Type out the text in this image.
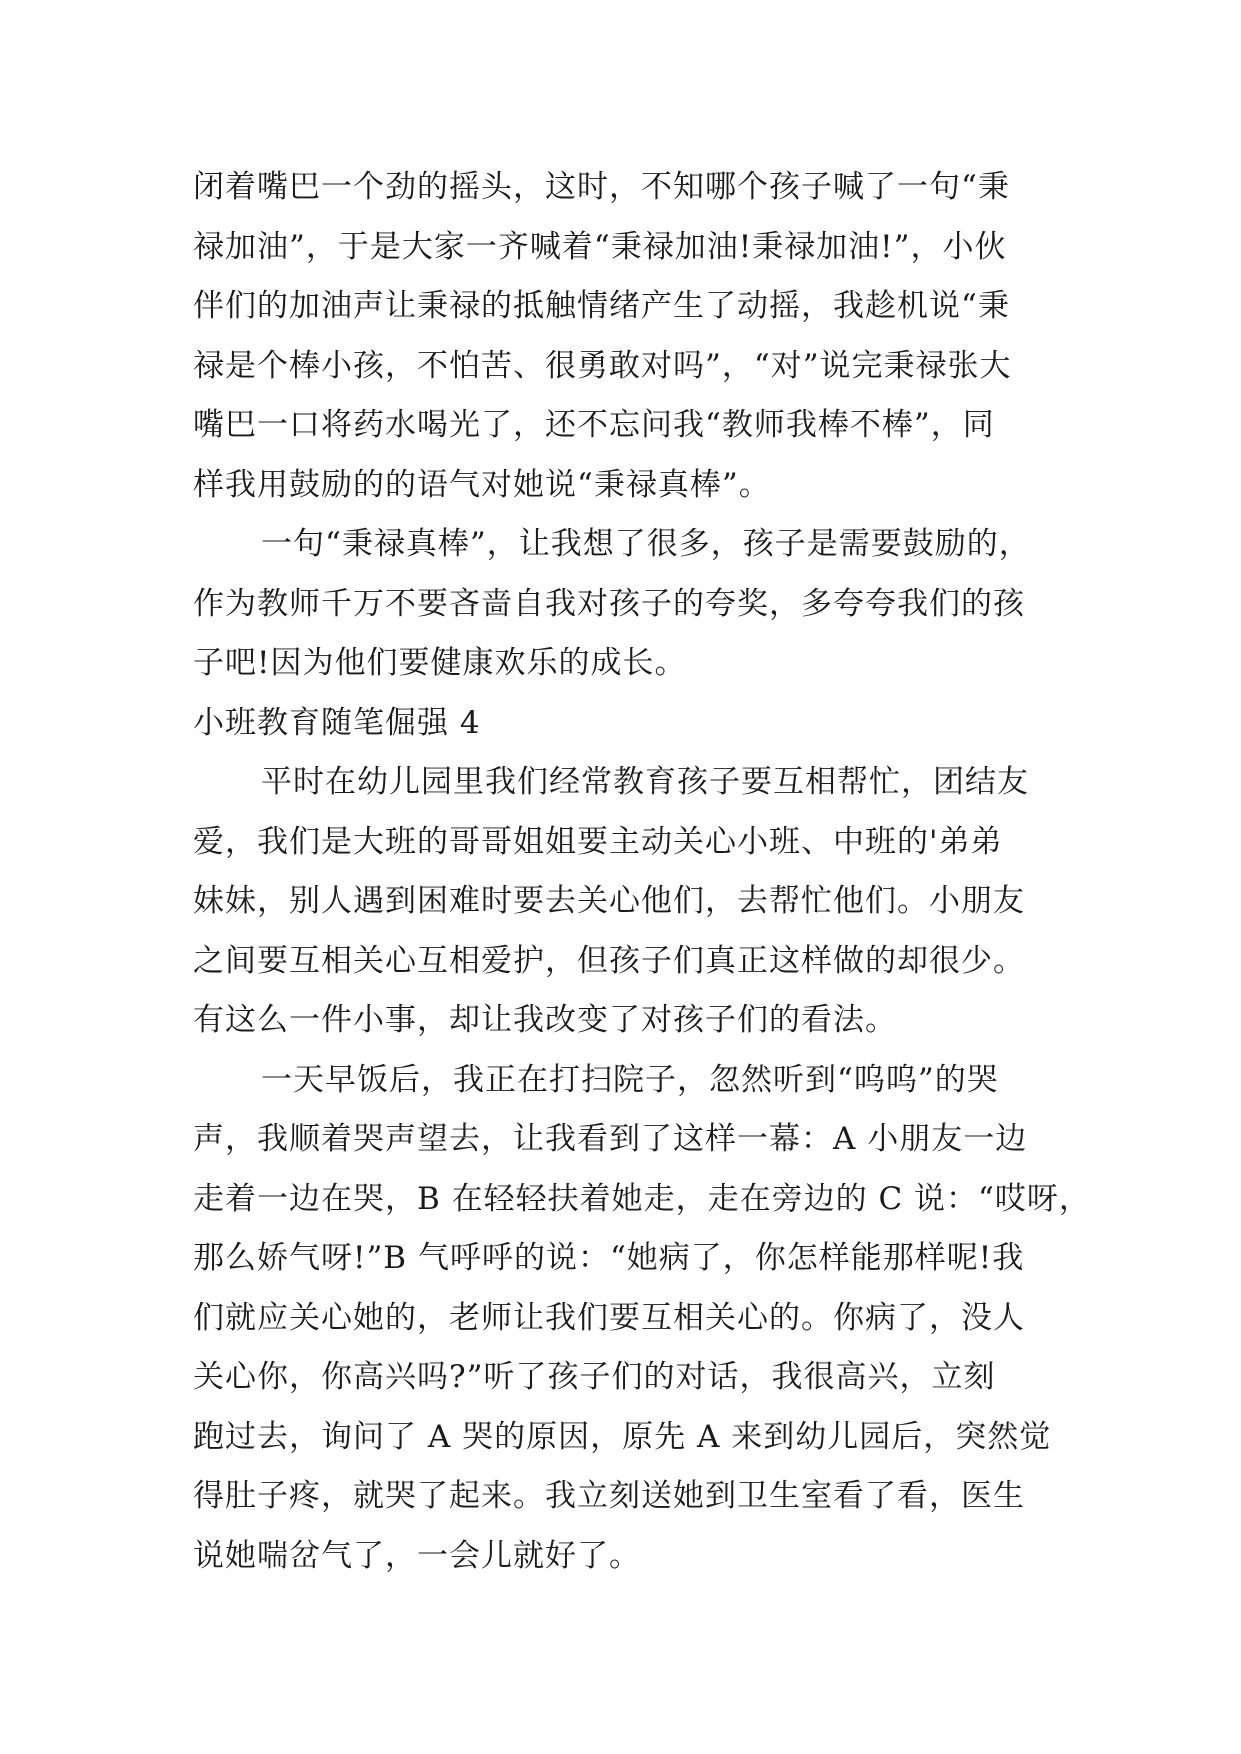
闭着嘴巴一个劲的摇头，这时，不知哪个孩子喊了一句“秉
禄加油”，于是大家一齐喊着“秉禄加油!秉禄加油!”，小伙
伴们的加油声让秉禄的抵触情绪产生了动摇，我趁机说“秉
禄是个棒小孩，不怕苦、很勇敢对吗”，“对”说完秉禄张大
嘴巴一口将药水喝光了，还不忘问我“教师我棒不棒”，同
样我用鼓励的的语气对她说“秉禄真棒”。
一句“秉禄真棒”，让我想了很多，孩子是需要鼓励的，
作为教师千万不要吝啬自我对孩子的夸奖，多夸夸我们的孩
子吧!因为他们要健康欢乐的成长。
小班教育随笔倔强 4
平时在幼儿园里我们经常教育孩子要互相帮忙，团结友
爱，我们是大班的哥哥姐姐要主动关心小班、中班的'弟弟
妹妹，别人遇到困难时要去关心他们，去帮忙他们。小朋友
之间要互相关心互相爱护，但孩子们真正这样做的却很少。
有这么一件小事，却让我改变了对孩子们的看法。
一天早饭后，我正在打扫院子，忽然听到“呜呜”的哭
声，我顺着哭声望去，让我看到了这样一幕：A 小朋友一边
走着一边在哭，B 在轻轻扶着她走，走在旁边的 C 说：“哎呀，
那么娇气呀!”B 气呼呼的说：“她病了，你怎样能那样呢!我
们就应关心她的，老师让我们要互相关心的。你病了，没人
关心你，你高兴吗?”听了孩子们的对话，我很高兴，立刻
跑过去，询问了 A 哭的原因，原先 A 来到幼儿园后，突然觉
得肚子疼，就哭了起来。我立刻送她到卫生室看了看，医生
说她喘岔气了，一会儿就好了。
